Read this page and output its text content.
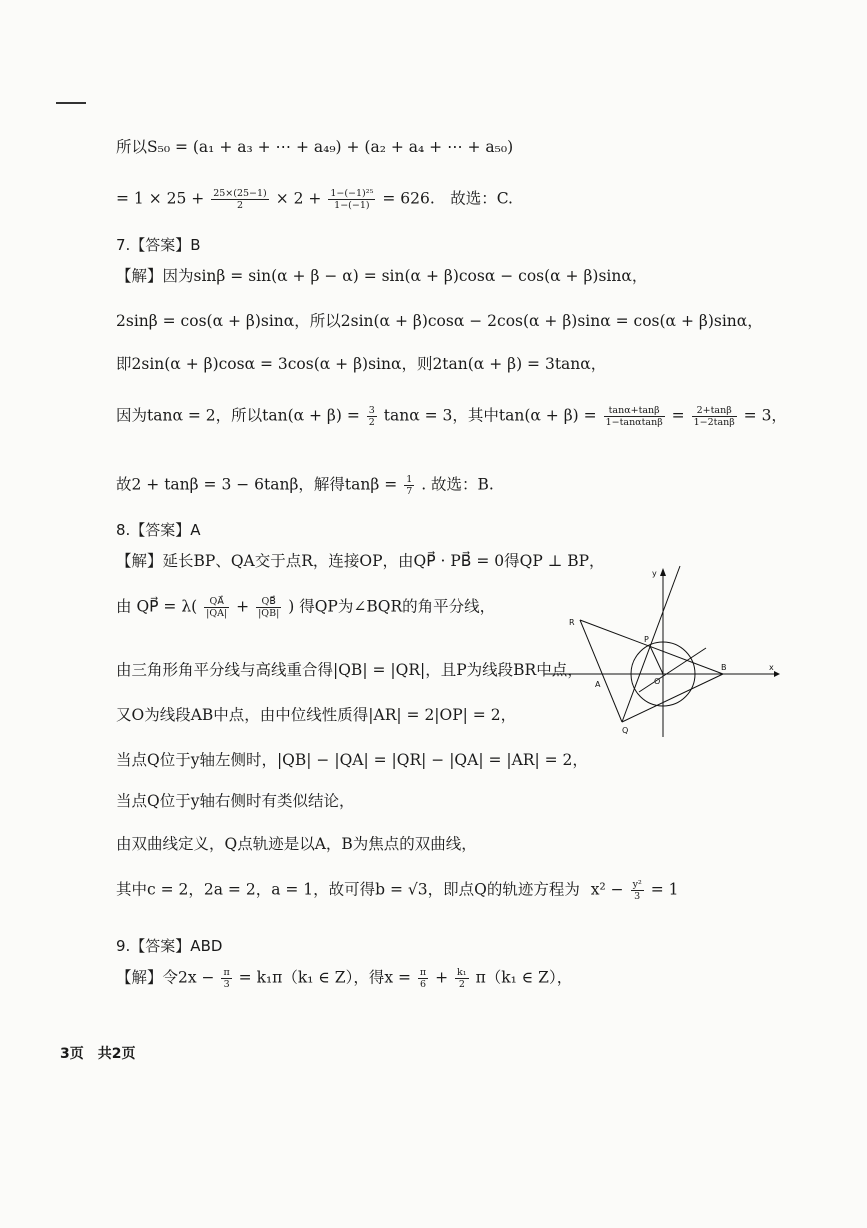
所以S₅₀ = (a₁ + a₃ + ⋯ + a₄₉) + (a₂ + a₄ + ⋯ + a₅₀)
= $1 \times 25 + \frac{25\times(25-1)}{2} \times 2 + \frac{\text{1−(−1)²⁵}}{1-(-1)} = 626$.　故选：C.
7.【答案】B
【解】因为sinβ = sin(α + β − α) = sin(α + β)cosα − cos(α + β)sinα，
2sinβ = cos(α + β)sinα，所以2sin(α + β)cosα − 2cos(α + β)sinα = cos(α + β)sinα，
即2sin(α + β)cosα = 3cos(α + β)sinα，则2tan(α + β) = 3tanα，
因为tanα = 2，所以$\tan(\alpha + \beta) = \frac{3}{2}$ tanα = 3，其中$\tan(\alpha + \beta) = \frac{\tan\alpha+\tan\beta}{1-\tan\alpha\tan\beta} = \frac{2+\tan\beta}{1-2\tan\beta} = 3$，
故2 + tanβ = 3 − 6tanβ，解得$\tan\beta = \frac{1}{7}$ . 故选：B.
8.【答案】A
【解】延长BP、QA交于点R，连接OP，由QP⃗ · PB⃗ = 0得QP ⊥ BP，
由 QP⃗ = $\lambda( \frac{QA⃗}{|QA|} + \frac{QB⃗}{|QB|}$ ) 得QP为∠BQR的角平分线，
由三角形角平分线与高线重合得|QB| = |QR|，且P为线段BR中点，
又O为线段AB中点，由中位线性质得|AR| = 2|OP| = 2，
当点Q位于y轴左侧时，|QB| − |QA| = |QR| − |QA| = |AR| = 2，
当点Q位于y轴右侧时有类似结论，
由双曲线定义，Q点轨迹是以A，B为焦点的双曲线，
其中c = 2，2a = 2，a = 1，故可得b = √3，即点Q的轨迹方程为 $x^2 - \frac{\text{y²}}{3} = 1$
9.【答案】ABD
【解】令$2x - \frac{\pi}{3} = k_1\pi(k_1$ ∈ Z），得$x = \frac{\pi}{6} + \frac{\text{k₁}}{2} \pi(k_1$ ∈ Z），
y
x
R
P
O
A
B
Q
3页　共2页
